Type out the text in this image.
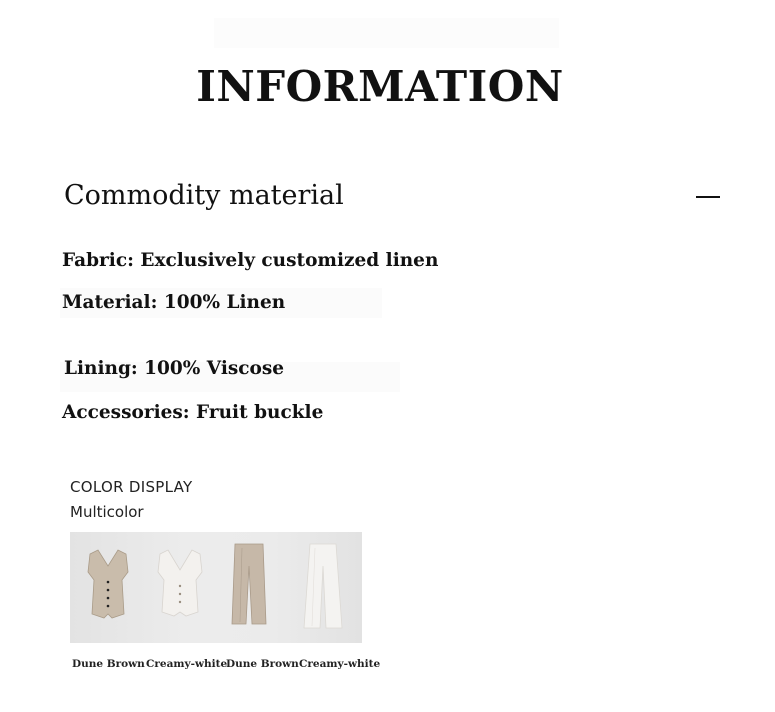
INFORMATION
Commodity material
Fabric: Exclusively customized linen
Material: 100% Linen
Lining: 100% Viscose
Accessories: Fruit buckle
COLOR DISPLAY
Multicolor
Dune Brown Creamy-white
Dune Brown Creamy-white
